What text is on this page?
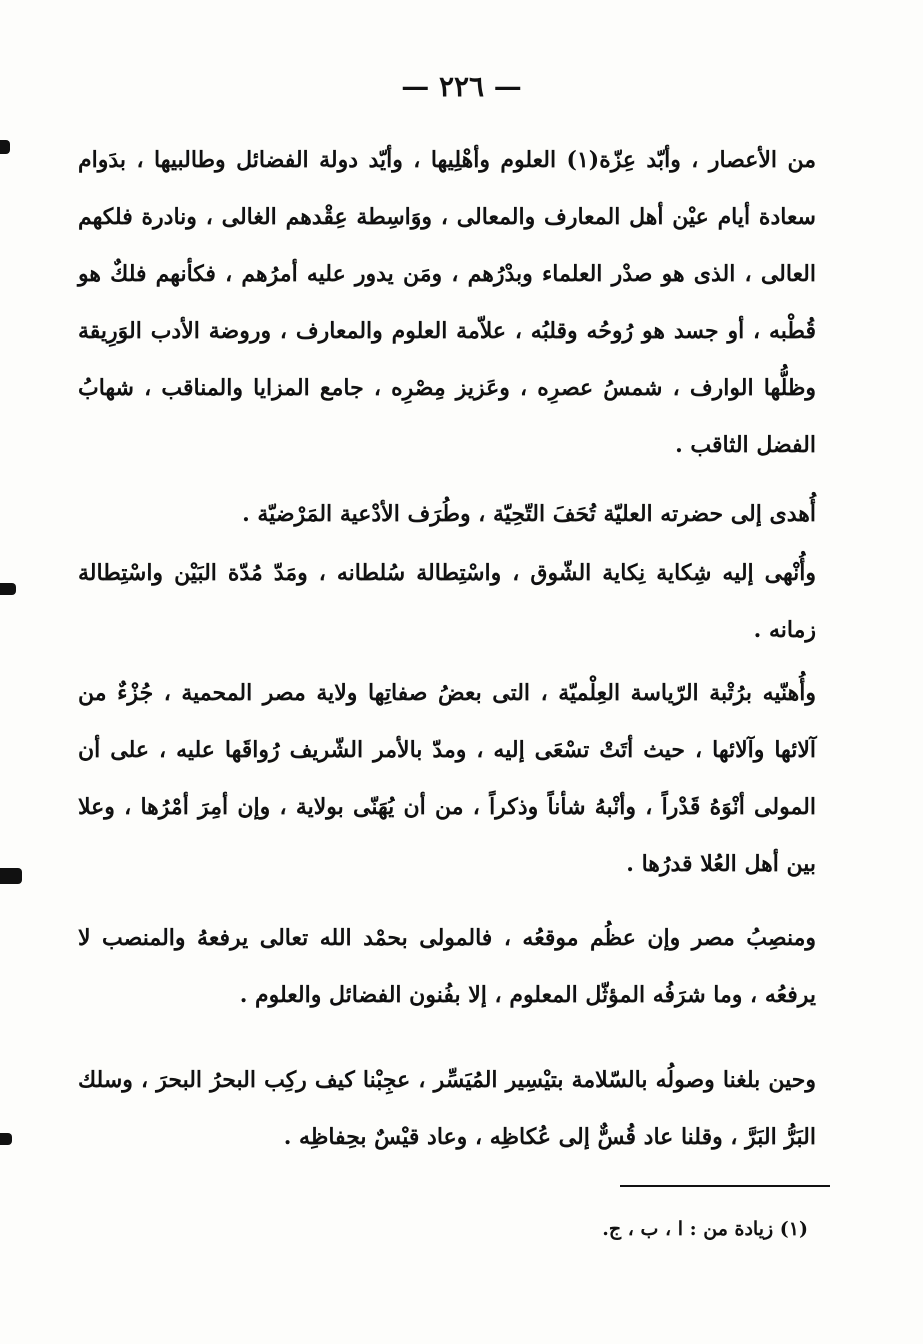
— ٢٢٦ —

من الأعصار ، وأبّد عِزّة(١) العلوم وأهْلِيها ، وأيّد دولة الفضائل وطالبيها ، بدَوام سعادة أيام عيْن أهل المعارف والمعالى ، ووَاسِطة عِقْدهم الغالى ، ونادرة فلكهم العالى ، الذى هو صدْر العلماء وبدْرُهم ، ومَن يدور عليه أمرُهم ، فكأنهم فلكٌ هو قُطْبه ، أو جسد هو رُوحُه وقلبُه ، علاّمة العلوم والمعارف ، وروضة الأدب الوَرِيقة وظلُّها الوارف ، شمسُ عصرِه ، وعَزيز مِصْرِه ، جامع المزايا والمناقب ، شهابُ الفضل الثاقب .

أُهدى إلى حضرته العليّة تُحَفَ التّحِيّة ، وطُرَف الأدْعية المَرْضيّة .

وأُنْهى إليه شِكاية نِكاية الشّوق ، واسْتِطالة سُلطانه ، ومَدّ مُدّة البَيْن واسْتِطالة زمانه .

وأُهنّيه برُتْبة الرّياسة العِلْميّة ، التى بعضُ صفاتِها ولاية مصر المحمية ، جُزْءٌ من آلائها وآلائها ، حيث أتَتْ تسْعَى إليه ، ومدّ بالأمر الشّريف رُواقَها عليه ، على أن المولى أنْوَهُ قَدْراً ، وأنْبهُ شأناً وذكراً ، من أن يُهَنّى بولاية ، وإن أمِرَ أمْرُها ، وعلا بين أهل العُلا قدرُها .

ومنصِبُ مصر وإن عظُم موقعُه ، فالمولى بحمْد الله تعالى يرفعهُ والمنصب لا يرفعُه ، وما شرَفُه المؤثّل المعلوم ، إلا بفُنون الفضائل والعلوم .

وحين بلغنا وصولُه بالسّلامة بتيْسِير المُيَسِّر ، عجِبْنا كيف ركِب البحرُ البحرَ ، وسلك البَرُّ البَرَّ ، وقلنا عاد قُسٌّ إلى عُكاظِه ، وعاد قيْسٌ بحِفاظِه .

(١) زيادة من : ا ، ب ، ج.
